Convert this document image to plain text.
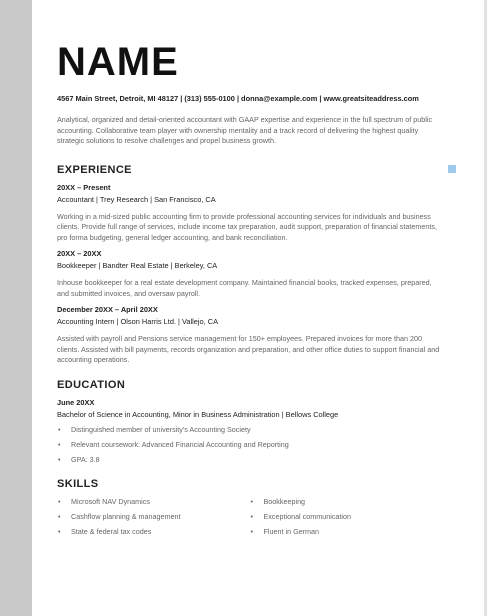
NAME
4567 Main Street, Detroit, MI 48127 | (313) 555-0100 | donna@example.com | www.greatsiteaddress.com
Analytical, organized and detail-oriented accountant with GAAP expertise and experience in the full spectrum of public accounting. Collaborative team player with ownership mentality and a track record of delivering the highest quality strategic solutions to resolve challenges and propel business growth.
EXPERIENCE
20XX – Present
Accountant | Trey Research | San Francisco, CA
Working in a mid-sized public accounting firm to provide professional accounting services for individuals and business clients. Provide full range of services, include income tax preparation, audit support, preparation of financial statements, pro forma budgeting, general ledger accounting, and bank reconciliation.
20XX – 20XX
Bookkeeper | Bandter Real Estate | Berkeley, CA
Inhouse bookkeeper for a real estate development company. Maintained financial books, tracked expenses, prepared, and submitted invoices, and oversaw payroll.
December 20XX – April 20XX
Accounting Intern | Olson Harris Ltd. | Vallejo, CA
Assisted with payroll and Pensions service management for 150+ employees. Prepared invoices for more than 200 clients. Assisted with bill payments, records organization and preparation, and other office duties to support financial and accounting operations.
EDUCATION
June 20XX
Bachelor of Science in Accounting, Minor in Business Administration | Bellows College
• Distinguished member of university's Accounting Society
• Relevant coursework: Advanced Financial Accounting and Reporting
• GPA: 3.8
SKILLS
• Microsoft NAV Dynamics
• Cashflow planning & management
• State & federal tax codes
• Bookkeeping
• Exceptional communication
• Fluent in German
